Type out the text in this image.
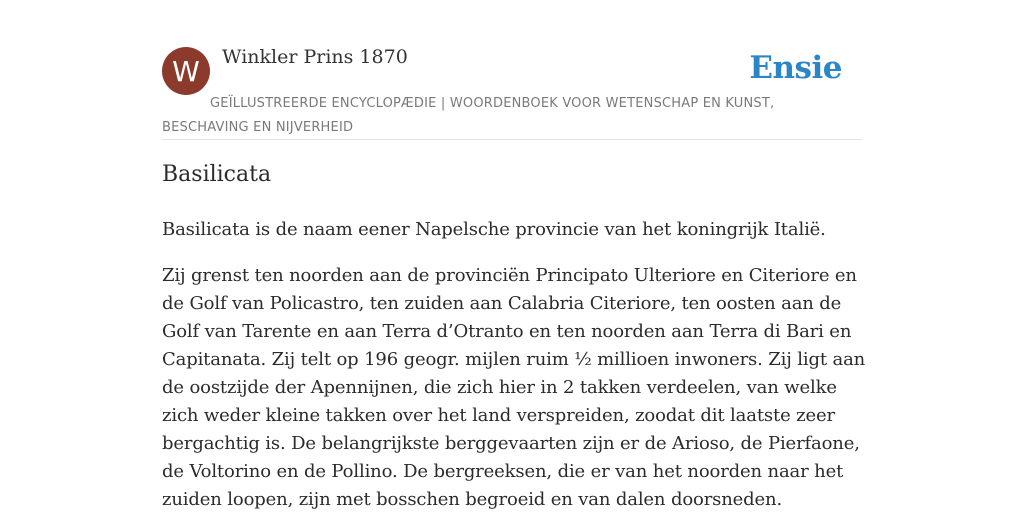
W	Winkler Prins 1870	Ensie
GEÏLLUSTREERDE ENCYCLOPÆDIE | WOORDENBOEK VOOR WETENSCHAP EN KUNST, BESCHAVING EN NIJVERHEID
Basilicata

Basilicata is de naam eener Napelsche provincie van het koningrijk Italië.

Zij grenst ten noorden aan de provinciën Principato Ulteriore en Citeriore en de Golf van Policastro, ten zuiden aan Calabria Citeriore, ten oosten aan de Golf van Tarente en aan Terra d’Otranto en ten noorden aan Terra di Bari en Capitanata. Zij telt op 196 geogr. mijlen ruim ½ millioen inwoners. Zij ligt aan de oostzijde der Apennijnen, die zich hier in 2 takken verdeelen, van welke zich weder kleine takken over het land verspreiden, zoodat dit laatste zeer bergachtig is. De belangrijkste berggevaarten zijn er de Arioso, de Pierfaone, de Voltorino en de Pollino. De bergreeksen, die er van het noorden naar het zuiden loopen, zijn met bosschen begroeid en van dalen doorsneden.
